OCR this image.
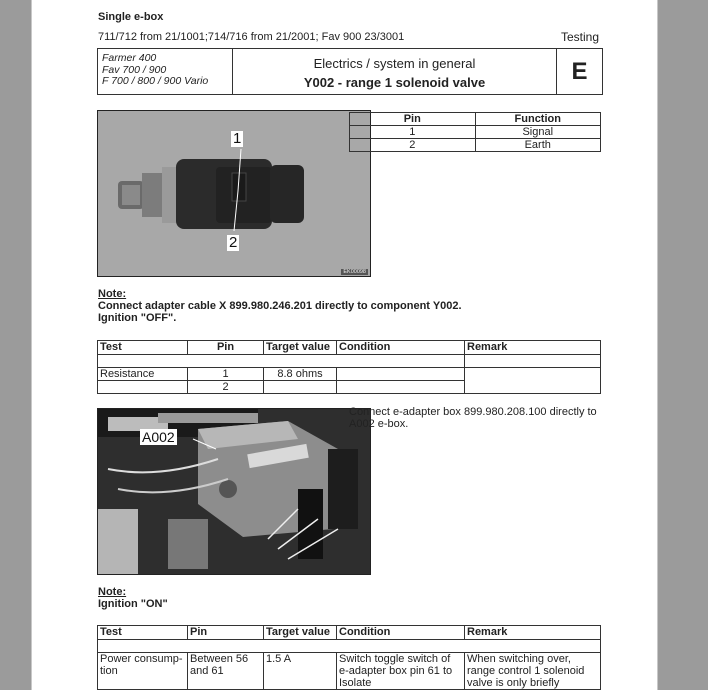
Single e-box
711/712 from 21/1001;714/716 from 21/2001; Fav 900 23/3001	Testing
Farmer 400
Fav 700 / 900
F 700 / 800 / 900 Vario
Electrics / system in general
Y002 - range 1 solenoid valve	E
1
2
EK00098
Pin	Function
1	Signal
2	Earth
Note:
Connect adapter cable X 899.980.246.201 directly to component Y002.
Ignition "OFF".
Test	Pin	Target value	Condition	Remark

Resistance	1	8.8 ohms		
	2			
A002
Connect e-adapter box 899.980.208.100 directly to A002 e-box.
Note:
Ignition "ON"
Test	Pin	Target value	Condition	Remark

Power consump-tion	Between 56 and 61	1.5 A	Switch toggle switch of e-adapter box pin 61 to Isolate	When switching over, range control 1 solenoid valve is only briefly
